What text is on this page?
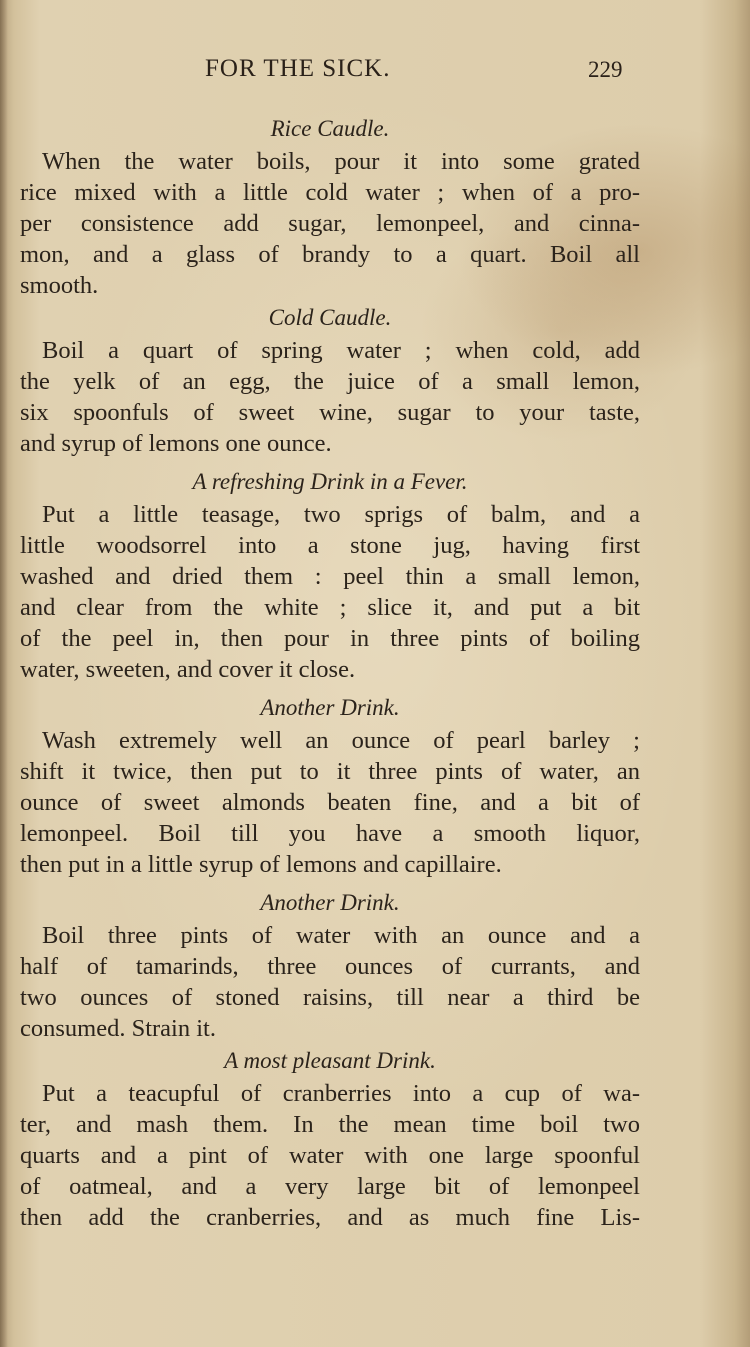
FOR THE SICK.	229
Rice Caudle.
When the water boils, pour it into some grated
rice mixed with a little cold water ; when of a pro-
per consistence add sugar, lemonpeel, and cinna-
mon, and a glass of brandy to a quart. Boil all
smooth.
Cold Caudle.
Boil a quart of spring water ; when cold, add
the yelk of an egg, the juice of a small lemon,
six spoonfuls of sweet wine, sugar to your taste,
and syrup of lemons one ounce.
A refreshing Drink in a Fever.
Put a little teasage, two sprigs of balm, and a
little woodsorrel into a stone jug, having first
washed and dried them : peel thin a small lemon,
and clear from the white ; slice it, and put a bit
of the peel in, then pour in three pints of boiling
water, sweeten, and cover it close.
Another Drink.
Wash extremely well an ounce of pearl barley ;
shift it twice, then put to it three pints of water, an
ounce of sweet almonds beaten fine, and a bit of
lemonpeel. Boil till you have a smooth liquor,
then put in a little syrup of lemons and capillaire.
Another Drink.
Boil three pints of water with an ounce and a
half of tamarinds, three ounces of currants, and
two ounces of stoned raisins, till near a third be
consumed. Strain it.
A most pleasant Drink.
Put a teacupful of cranberries into a cup of wa-
ter, and mash them. In the mean time boil two
quarts and a pint of water with one large spoonful
of oatmeal, and a very large bit of lemonpeel
then add the cranberries, and as much fine Lis-
